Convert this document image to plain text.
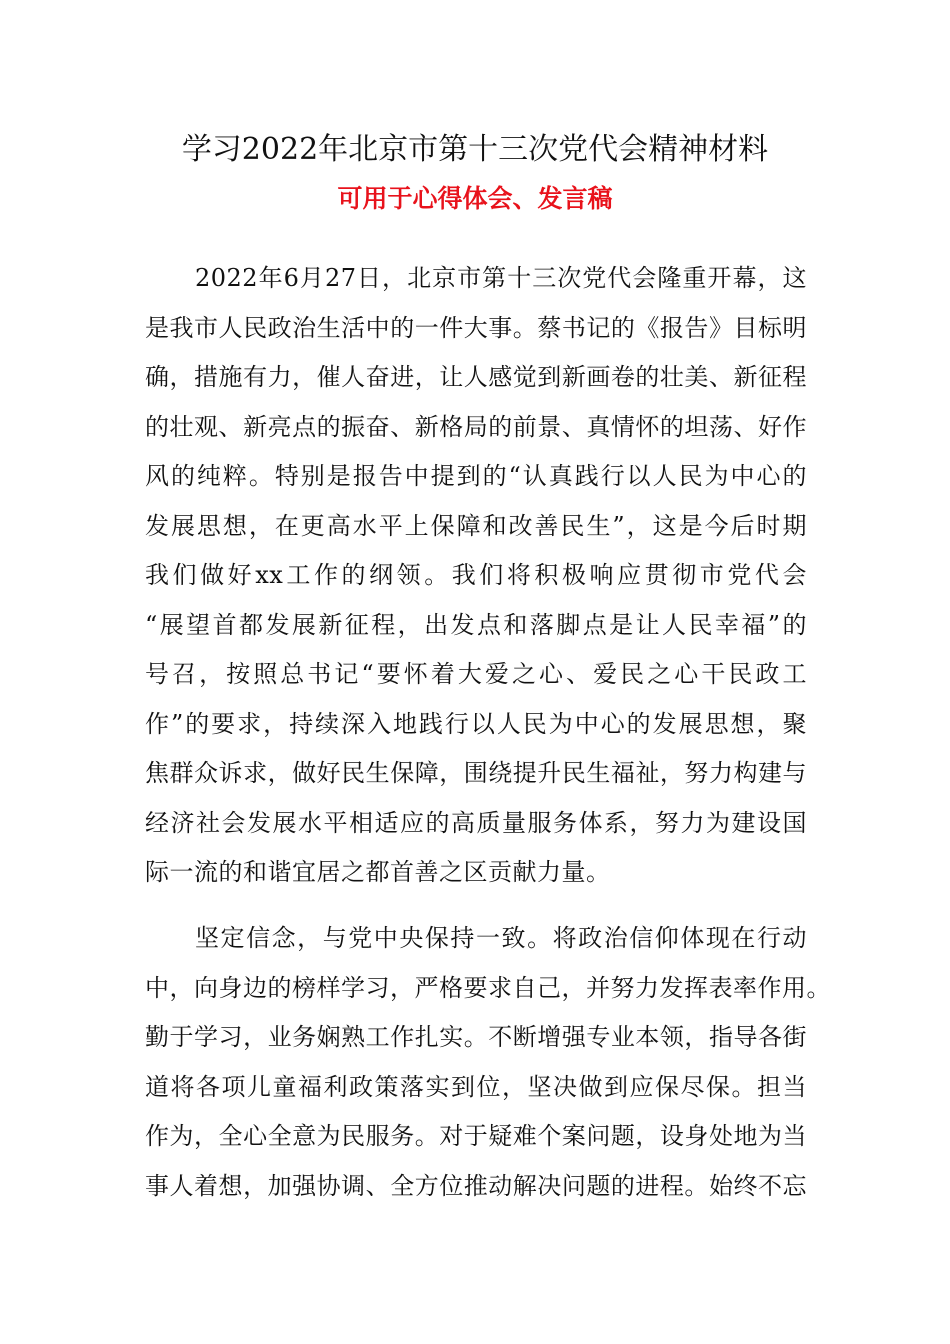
学习2022年北京市第十三次党代会精神材料
可用于心得体会、发言稿
2022年6月27日，北京市第十三次党代会隆重开幕，这
是我市人民政治生活中的一件大事。蔡书记的《报告》目标明
确，措施有力，催人奋进，让人感觉到新画卷的壮美、新征程
的壮观、新亮点的振奋、新格局的前景、真情怀的坦荡、好作
风的纯粹。特别是报告中提到的“认真践行以人民为中心的
发展思想，在更高水平上保障和改善民生”，这是今后时期
我们做好xx工作的纲领。我们将积极响应贯彻市党代会
“展望首都发展新征程，出发点和落脚点是让人民幸福”的
号召，按照总书记“要怀着大爱之心、爱民之心干民政工
作”的要求，持续深入地践行以人民为中心的发展思想，聚
焦群众诉求，做好民生保障，围绕提升民生福祉，努力构建与
经济社会发展水平相适应的高质量服务体系，努力为建设国
际一流的和谐宜居之都首善之区贡献力量。
坚定信念，与党中央保持一致。将政治信仰体现在行动
中，向身边的榜样学习，严格要求自己，并努力发挥表率作用。
勤于学习，业务娴熟工作扎实。不断增强专业本领，指导各街
道将各项儿童福利政策落实到位，坚决做到应保尽保。担当
作为，全心全意为民服务。对于疑难个案问题，设身处地为当
事人着想，加强协调、全方位推动解决问题的进程。始终不忘
